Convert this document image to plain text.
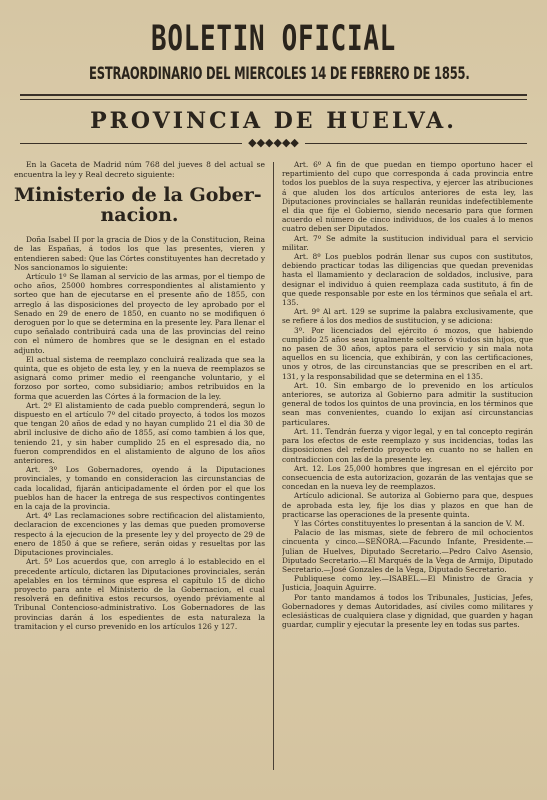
BOLETIN OFICIAL
ESTRAORDINARIO DEL MIERCOLES 14 DE FEBRERO DE 1855.
PROVINCIA DE HUELVA.
◆◆◆◆◆◆

En la Gaceta de Madrid núm 768 del jueves 8 del actual se encuentra la ley y Real decreto siguiente:

Ministerio de la Gober-
nacion.

Doña Isabel II por la gracia de Dios y de la Constitucion, Reina de las Españas, á todos los que las presentes, vieren y entendieren sabed: Que las Córtes constituyentes han decretado y Nos sancionamos lo siguiente:

Artículo 1º Se llaman al servicio de las armas, por el tiempo de ocho años, 25000 hombres correspondientes al alistamiento y sorteo que han de ejecutarse en el presente año de 1855, con arreglo á las disposiciones del proyecto de ley aprobado por el Senado en 29 de enero de 1850, en cuanto no se modifiquen ó deroguen por lo que se determina en la presente ley. Para llenar el cupo señalado contribuirá cada una de las provincias del reino con el número de hombres que se le designan en el estado adjunto.

El actual sistema de reemplazo concluirá realizada que sea la quinta, que es objeto de esta ley, y en la nueva de reemplazos se asignará como primer medio el reenganche voluntario, y el forzoso por sorteo, como subsidiario; ambos retribuidos en la forma que acuerden las Córtes á la formacion de la ley.

Art. 2º El alistamiento de cada pueblo comprenderá, segun lo dispuesto en el artículo 7º del citado proyecto, á todos los mozos que tengan 20 años de edad y no hayan cumplido 21 el dia 30 de abril inclusive de dicho año de 1855, así como tambien á los que, teniendo 21, y sin haber cumplido 25 en el espresado dia, no fueron comprendidos en el alistamiento de alguno de los años anteriores.

Art. 3º Los Gobernadores, oyendo á la Diputaciones provinciales, y tomando en consideracion las circunstancias de cada localidad, fijarán anticipadamente el órden por el que los pueblos han de hacer la entrega de sus respectivos contingentes en la caja de la provincia.

Art. 4º Las reclamaciones sobre rectificacion del alistamiento, declaracion de excenciones y las demas que pueden promoverse respecto á la ejecucion de la presente ley y del proyecto de 29 de enero de 1850 á que se refiere, serán oidas y resueltas por las Diputaciones provinciales.

Art. 5º Los acuerdos que, con arreglo á lo establecido en el precedente artículo, dictaren las Diputaciones provinciales, serán apelables en los términos que espresa el capítulo 15 de dicho proyecto para ante el Ministerio de la Gobernacion, el cual resolverá en definitiva estos recursos, oyendo préviamente al Tribunal Contencioso-administrativo. Los Gobernadores de las provincias darán á los espedientes de esta naturaleza la tramitacion y el curso prevenido en los artículos 126 y 127.

Art. 6º A fin de que puedan en tiempo oportuno hacer el repartimiento del cupo que corresponda á cada provincia entre todos los pueblos de la suya respectiva, y ejercer las atribuciones á que aluden los dos artículos anteriores de esta ley, las Diputaciones provinciales se hallarán reunidas indefectiblemente el dia que fije el Gobierno, siendo necesario para que formen acuerdo el número de cinco individuos, de los cuales á lo menos cuatro deben ser Diputados.

Art. 7º Se admite la sustitucion individual para el servicio militar.

Art. 8º Los pueblos podrán llenar sus cupos con sustitutos, debiendo practicar todas las diligencias que quedan prevenidas hasta el llamamiento y declaracion de soldados, inclusive, para designar el individuo á quien reemplaza cada sustituto, á fin de que quede responsable por este en los términos que señala el art. 135.

Art. 9º Al art. 129 se suprime la palabra exclusivamente, que se refiere á los dos medios de sustitucion, y se adiciona:

3º. Por licenciados del ejército ó mozos, que habiendo cumplido 25 años sean igualmente solteros ó viudos sin hijos, que no pasen de 30 años, aptos para el servicio y sin mala nota aquellos en su licencia, que exhibirán, y con las certificaciones, unos y otros, de las circunstancias que se prescriben en el art. 131, y la responsabilidad que se determina en el 135.

Art. 10. Sin embargo de lo prevenido en los artículos anteriores, se autoriza al Gobierno para admitir la sustitucion general de todos los quintos de una provincia, en los términos que sean mas convenientes, cuando lo exijan así circunstancias particulares.

Art. 11. Tendrán fuerza y vigor legal, y en tal concepto regirán para los efectos de este reemplazo y sus incidencias, todas las disposiciones del referido proyecto en cuanto no se hallen en contradiccion con las de la presente ley.

Art. 12. Los 25,000 hombres que ingresan en el ejército por consecuencia de esta autorizacion, gozarán de las ventajas que se concedan en la nueva ley de reemplazos.

Artículo adicional. Se autoriza al Gobierno para que, despues de aprobada esta ley, fije los dias y plazos en que han de practicarse las operaciones de la presente quinta.

Y las Córtes constituyentes lo presentan á la sancion de V. M.

Palacio de las mismas, siete de febrero de mil ochocientos cincuenta y cinco.—SEÑORA.—Facundo Infante, Presidente.—Julian de Huelves, Diputado Secretario.—Pedro Calvo Asensio, Diputado Secretario.—El Marqués de la Vega de Armijo, Diputado Secretario.—José Gonzales de la Vega, Diputado Secretario.

Publiquese como ley.—ISABEL.—El Ministro de Gracia y Justicia, Joaquin Aguirre.

Por tanto mandamos á todos los Tribunales, Justicias, Jefes, Gobernadores y demas Autoridades, así civiles como militares y eclesiásticas de cualquiera clase y dignidad, que guarden y hagan guardar, cumplir y ejecutar la presente ley en todas sus partes.
